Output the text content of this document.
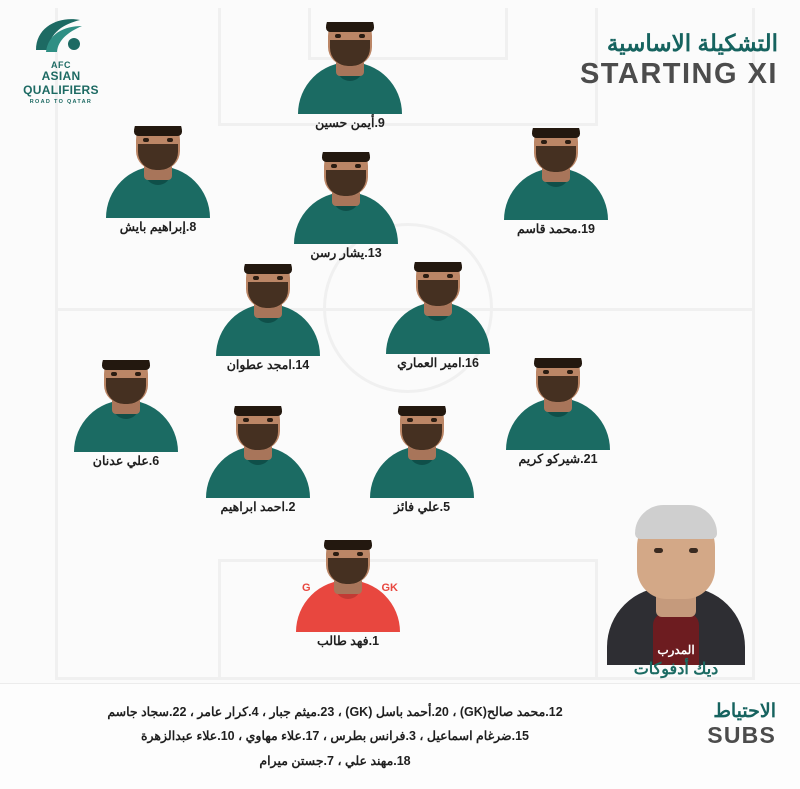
AFC
ASIAN
QUALIFIERS
ROAD TO QATAR
التشكيلة الاساسية
STARTING XI
9.أيمن حسين
8.إبراهيم بايش
13.يشار رسن
19.محمد قاسم
14.امجد عطوان	16.امير العماري
6.علي عدنان	21.شيركو كريم
2.احمد ابراهيم	5.علي فائز
G	GK
1.فهد طالب
المدرب
ديك أدفوكات
الاحتياط
SUBS
12.محمد صالح(GK) ، 20.أحمد باسل (GK) ، 23.ميثم جبار ، 4.كرار عامر ، 22.سجاد جاسم
15.ضرغام اسماعيل ، 3.فرانس بطرس ، 17.علاء مهاوي ، 10.علاء عبدالزهرة
18.مهند علي ، 7.جستن ميرام
